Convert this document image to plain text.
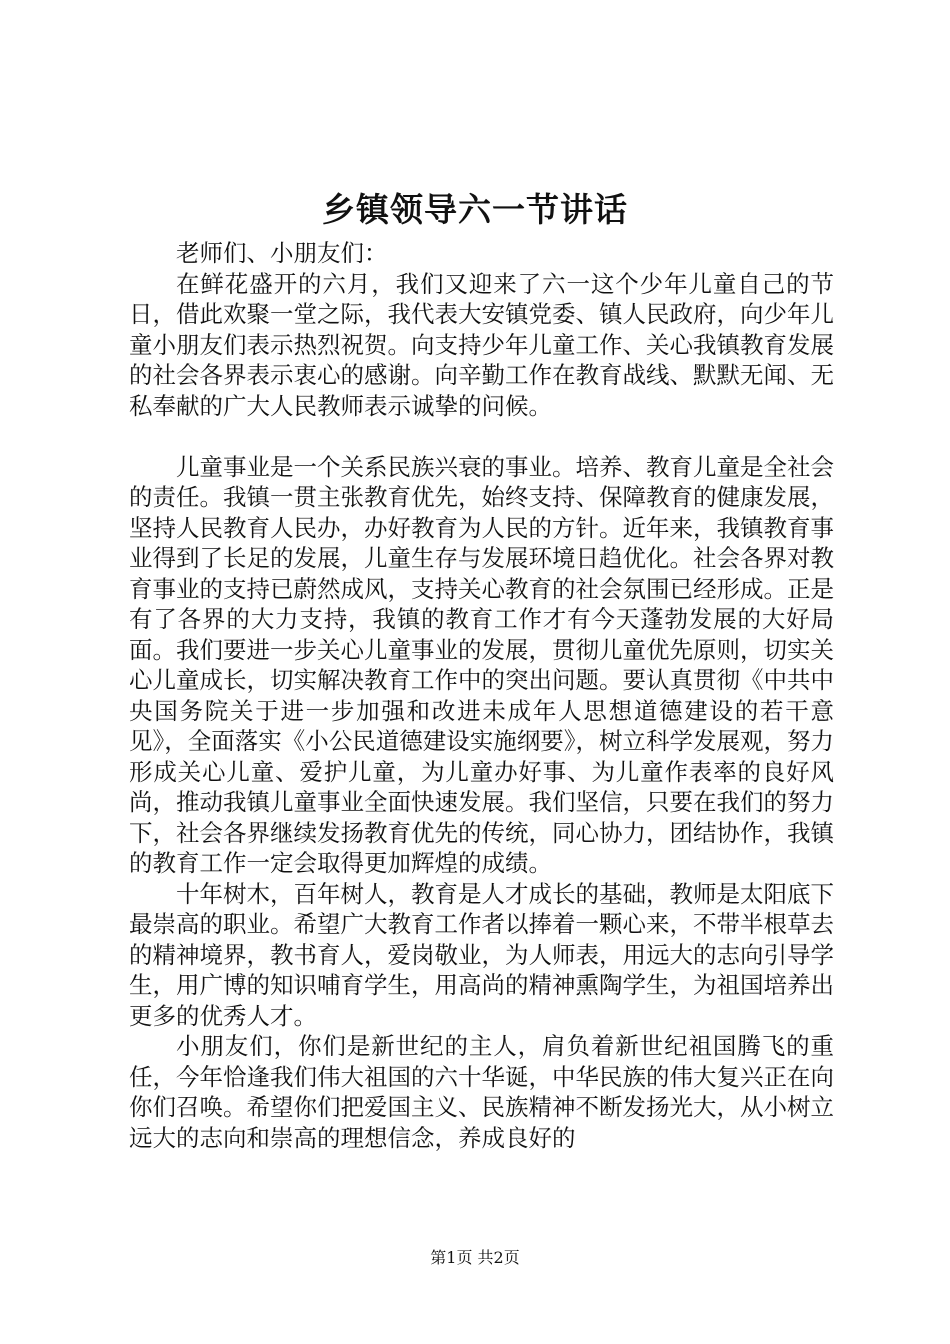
乡镇领导六一节讲话

老师们、小朋友们：

在鲜花盛开的六月，我们又迎来了六一这个少年儿童自己的节日，借此欢聚一堂之际，我代表大安镇党委、镇人民政府，向少年儿童小朋友们表示热烈祝贺。向支持少年儿童工作、关心我镇教育发展的社会各界表示衷心的感谢。向辛勤工作在教育战线、默默无闻、无私奉献的广大人民教师表示诚挚的问候。

儿童事业是一个关系民族兴衰的事业。培养、教育儿童是全社会的责任。我镇一贯主张教育优先，始终支持、保障教育的健康发展，坚持人民教育人民办，办好教育为人民的方针。近年来，我镇教育事业得到了长足的发展，儿童生存与发展环境日趋优化。社会各界对教育事业的支持已蔚然成风，支持关心教育的社会氛围已经形成。正是有了各界的大力支持，我镇的教育工作才有今天蓬勃发展的大好局面。我们要进一步关心儿童事业的发展，贯彻儿童优先原则，切实关心儿童成长，切实解决教育工作中的突出问题。要认真贯彻《中共中央国务院关于进一步加强和改进未成年人思想道德建设的若干意见》，全面落实《小公民道德建设实施纲要》，树立科学发展观，努力形成关心儿童、爱护儿童，为儿童办好事、为儿童作表率的良好风尚，推动我镇儿童事业全面快速发展。我们坚信，只要在我们的努力下，社会各界继续发扬教育优先的传统，同心协力，团结协作，我镇的教育工作一定会取得更加辉煌的成绩。

十年树木，百年树人，教育是人才成长的基础，教师是太阳底下最崇高的职业。希望广大教育工作者以捧着一颗心来，不带半根草去的精神境界，教书育人，爱岗敬业，为人师表，用远大的志向引导学生，用广博的知识哺育学生，用高尚的精神熏陶学生，为祖国培养出更多的优秀人才。

小朋友们，你们是新世纪的主人，肩负着新世纪祖国腾飞的重任，今年恰逢我们伟大祖国的六十华诞，中华民族的伟大复兴正在向你们召唤。希望你们把爱国主义、民族精神不断发扬光大，从小树立远大的志向和崇高的理想信念，养成良好的

第1页 共2页
